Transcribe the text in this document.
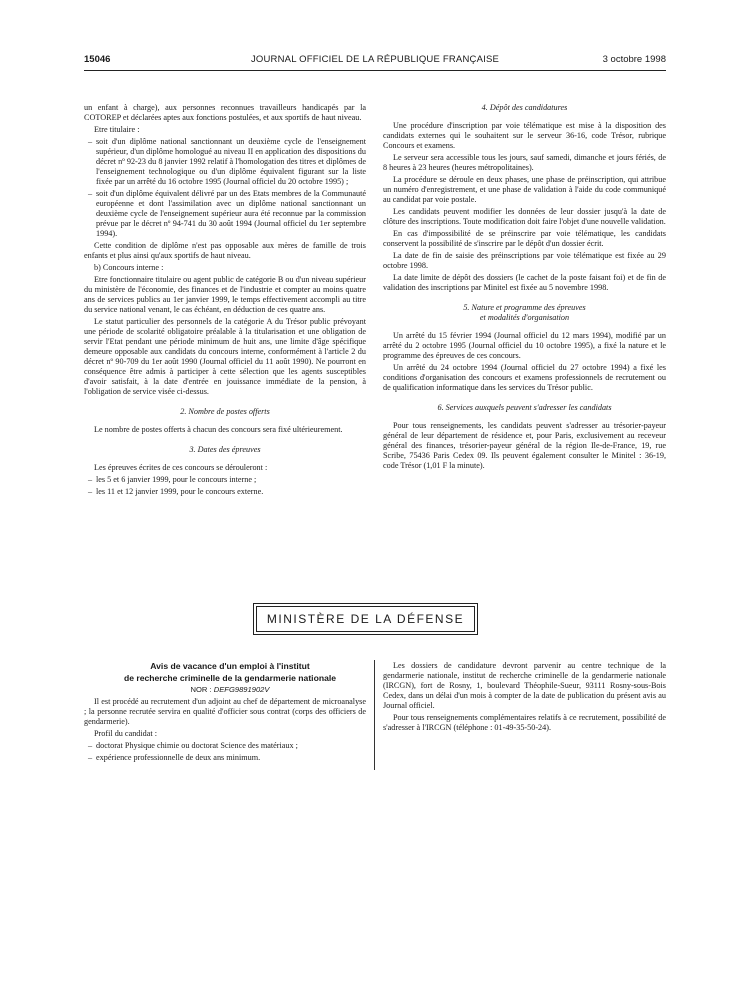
15046	JOURNAL OFFICIEL DE LA RÉPUBLIQUE FRANÇAISE	3 octobre 1998

un enfant à charge), aux personnes reconnues travailleurs handicapés par la COTOREP et déclarées aptes aux fonctions postulées, et aux sportifs de haut niveau.

Etre titulaire :

– soit d'un diplôme national sanctionnant un deuxième cycle de l'enseignement supérieur, d'un diplôme homologué au niveau II en application des dispositions du décret nº 92-23 du 8 janvier 1992 relatif à l'homologation des titres et diplômes de l'enseignement technologique ou d'un diplôme équivalent figurant sur la liste fixée par un arrêté du 16 octobre 1995 (Journal officiel du 20 octobre 1995) ;

– soit d'un diplôme équivalent délivré par un des Etats membres de la Communauté européenne et dont l'assimilation avec un diplôme national sanctionnant un deuxième cycle de l'enseignement supérieur aura été reconnue par la commission prévue par le décret nº 94-741 du 30 août 1994 (Journal officiel du 1er septembre 1994).

Cette condition de diplôme n'est pas opposable aux mères de famille de trois enfants et plus ainsi qu'aux sportifs de haut niveau.

b) Concours interne :

Etre fonctionnaire titulaire ou agent public de catégorie B ou d'un niveau supérieur du ministère de l'économie, des finances et de l'industrie et compter au moins quatre ans de services publics au 1er janvier 1999, le temps effectivement accompli au titre du service national venant, le cas échéant, en déduction de ces quatre ans.

Le statut particulier des personnels de la catégorie A du Trésor public prévoyant une période de scolarité obligatoire préalable à la titularisation et une obligation de servir l'Etat pendant une période minimum de huit ans, une limite d'âge spécifique demeure opposable aux candidats du concours interne, conformément à l'article 2 du décret nº 90-709 du 1er août 1990 (Journal officiel du 11 août 1990). Ne pourront en conséquence être admis à participer à cette sélection que les agents susceptibles d'avoir satisfait, à la date d'entrée en jouissance immédiate de la pension, à l'obligation de service visée ci-dessus.

2. Nombre de postes offerts

Le nombre de postes offerts à chacun des concours sera fixé ultérieurement.

3. Dates des épreuves

Les épreuves écrites de ces concours se dérouleront :

– les 5 et 6 janvier 1999, pour le concours interne ;

– les 11 et 12 janvier 1999, pour le concours externe.

4. Dépôt des candidatures

Une procédure d'inscription par voie télématique est mise à la disposition des candidats externes qui le souhaitent sur le serveur 36-16, code Trésor, rubrique Concours et examens.

Le serveur sera accessible tous les jours, sauf samedi, dimanche et jours fériés, de 8 heures à 23 heures (heures métropolitaines).

La procédure se déroule en deux phases, une phase de préinscription, qui attribue un numéro d'enregistrement, et une phase de validation à l'aide du code communiqué au candidat par voie postale.

Les candidats peuvent modifier les données de leur dossier jusqu'à la date de clôture des inscriptions. Toute modification doit faire l'objet d'une nouvelle validation.

En cas d'impossibilité de se préinscrire par voie télématique, les candidats conservent la possibilité de s'inscrire par le dépôt d'un dossier écrit.

La date de fin de saisie des préinscriptions par voie télématique est fixée au 29 octobre 1998.

La date limite de dépôt des dossiers (le cachet de la poste faisant foi) et de fin de validation des inscriptions par Minitel est fixée au 5 novembre 1998.

5. Nature et programme des épreuves

et modalités d'organisation

Un arrêté du 15 février 1994 (Journal officiel du 12 mars 1994), modifié par un arrêté du 2 octobre 1995 (Journal officiel du 10 octobre 1995), a fixé la nature et le programme des épreuves de ces concours.

Un arrêté du 24 octobre 1994 (Journal officiel du 27 octobre 1994) a fixé les conditions d'organisation des concours et examens professionnels de recrutement ou de qualification informatique dans les services du Trésor public.

6. Services auxquels peuvent s'adresser les candidats

Pour tous renseignements, les candidats peuvent s'adresser au trésorier-payeur général de leur département de résidence et, pour Paris, exclusivement au receveur général des finances, trésorier-payeur général de la région Ile-de-France, 19, rue Scribe, 75436 Paris Cedex 09. Ils peuvent également consulter le Minitel : 36-19, code Trésor (1,01 F la minute).

MINISTÈRE DE LA DÉFENSE

Avis de vacance d'un emploi à l'institut

de recherche criminelle de la gendarmerie nationale

NOR : DEFG9891902V

Il est procédé au recrutement d'un adjoint au chef de département de microanalyse ; la personne recrutée servira en qualité d'officier sous contrat (corps des officiers de gendarmerie).

Profil du candidat :

– doctorat Physique chimie ou doctorat Science des matériaux ;

– expérience professionnelle de deux ans minimum.

Les dossiers de candidature devront parvenir au centre technique de la gendarmerie nationale, institut de recherche criminelle de la gendarmerie nationale (IRCGN), fort de Rosny, 1, boulevard Théophile-Sueur, 93111 Rosny-sous-Bois Cedex, dans un délai d'un mois à compter de la date de publication du présent avis au Journal officiel.

Pour tous renseignements complémentaires relatifs à ce recrutement, possibilité de s'adresser à l'IRCGN (téléphone : 01-49-35-50-24).
